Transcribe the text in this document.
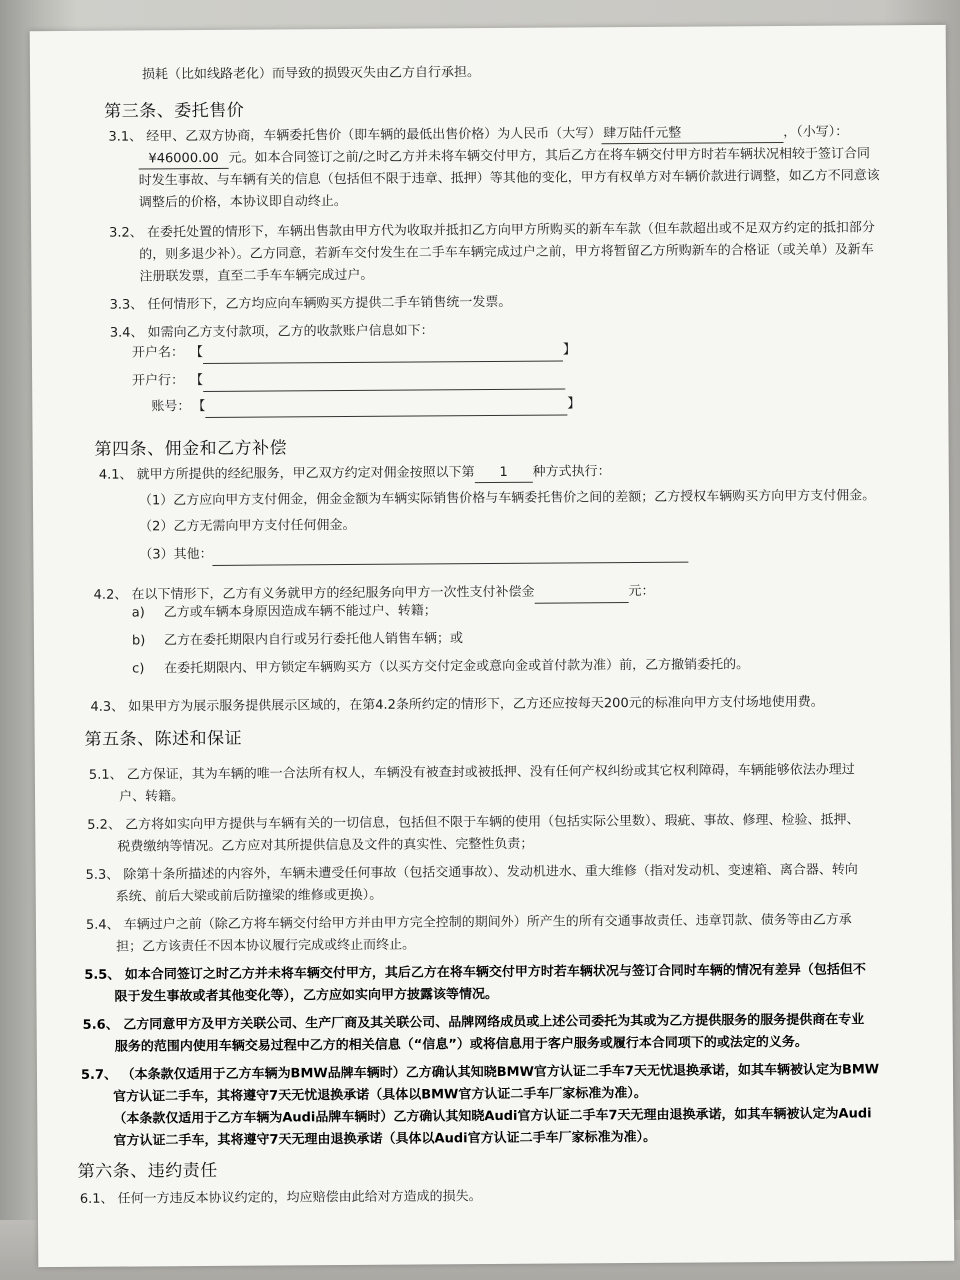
损耗（比如线路老化）而导致的损毁灭失由乙方自行承担。
第三条、委托售价
3.1、 经甲、乙双方协商，车辆委托售价（即车辆的最低出售价格）为人民币（大写） 肆万陆仟元整	，（小写）：
¥46000.00 元。如本合同签订之前/之时乙方并未将车辆交付甲方，其后乙方在将车辆交付甲方时若车辆状况相较于签订合同
时发生事故、与车辆有关的信息（包括但不限于违章、抵押）等其他的变化，甲方有权单方对车辆价款进行调整，如乙方不同意该
调整后的价格，本协议即自动终止。
3.2、 在委托处置的情形下，车辆出售款由甲方代为收取并抵扣乙方向甲方所购买的新车车款（但车款超出或不足双方约定的抵扣部分
的，则多退少补）。乙方同意，若新车交付发生在二手车车辆完成过户之前，甲方将暂留乙方所购新车的合格证（或关单）及新车
注册联发票，直至二手车车辆完成过户。
3.3、 任何情形下，乙方均应向车辆购买方提供二手车销售统一发票。
3.4、 如需向乙方支付款项，乙方的收款账户信息如下：
开户名： 【	】
开户行： 【
账号： 【	】
第四条、佣金和乙方补偿
4.1、 就甲方所提供的经纪服务，甲乙双方约定对佣金按照以下第 1 种方式执行：
（1）乙方应向甲方支付佣金，佣金金额为车辆实际销售价格与车辆委托售价之间的差额；乙方授权车辆购买方向甲方支付佣金。
（2）乙方无需向甲方支付任何佣金。
（3）其他：
4.2、 在以下情形下，乙方有义务就甲方的经纪服务向甲方一次性支付补偿金	元：
a) 乙方或车辆本身原因造成车辆不能过户、转籍；
b) 乙方在委托期限内自行或另行委托他人销售车辆；或
c) 在委托期限内、甲方锁定车辆购买方（以买方交付定金或意向金或首付款为准）前，乙方撤销委托的。
4.3、 如果甲方为展示服务提供展示区域的，在第4.2条所约定的情形下，乙方还应按每天200元的标准向甲方支付场地使用费。
第五条、陈述和保证
5.1、 乙方保证，其为车辆的唯一合法所有权人，车辆没有被查封或被抵押、没有任何产权纠纷或其它权利障碍，车辆能够依法办理过
户、转籍。
5.2、 乙方将如实向甲方提供与车辆有关的一切信息，包括但不限于车辆的使用（包括实际公里数）、瑕疵、事故、修理、检验、抵押、
税费缴纳等情况。乙方应对其所提供信息及文件的真实性、完整性负责；
5.3、 除第十条所描述的内容外，车辆未遭受任何事故（包括交通事故）、发动机进水、重大维修（指对发动机、变速箱、离合器、转向
系统、前后大梁或前后防撞梁的维修或更换）。
5.4、 车辆过户之前（除乙方将车辆交付给甲方并由甲方完全控制的期间外）所产生的所有交通事故责任、违章罚款、债务等由乙方承
担；乙方该责任不因本协议履行完成或终止而终止。
5.5、 如本合同签订之时乙方并未将车辆交付甲方，其后乙方在将车辆交付甲方时若车辆状况与签订合同时车辆的情况有差异（包括但不
限于发生事故或者其他变化等），乙方应如实向甲方披露该等情况。
5.6、 乙方同意甲方及甲方关联公司、生产厂商及其关联公司、品牌网络成员或上述公司委托为其或为乙方提供服务的服务提供商在专业
服务的范围内使用车辆交易过程中乙方的相关信息（“信息”）或将信息用于客户服务或履行本合同项下的或法定的义务。
5.7、 （本条款仅适用于乙方车辆为BMW品牌车辆时）乙方确认其知晓BMW官方认证二手车7天无忧退换承诺，如其车辆被认定为BMW
官方认证二手车，其将遵守7天无忧退换承诺（具体以BMW官方认证二手车厂家标准为准）。
（本条款仅适用于乙方车辆为Audi品牌车辆时）乙方确认其知晓Audi官方认证二手车7天无理由退换承诺，如其车辆被认定为Audi
官方认证二手车，其将遵守7天无理由退换承诺（具体以Audi官方认证二手车厂家标准为准）。
第六条、违约责任
6.1、 任何一方违反本协议约定的，均应赔偿由此给对方造成的损失。
